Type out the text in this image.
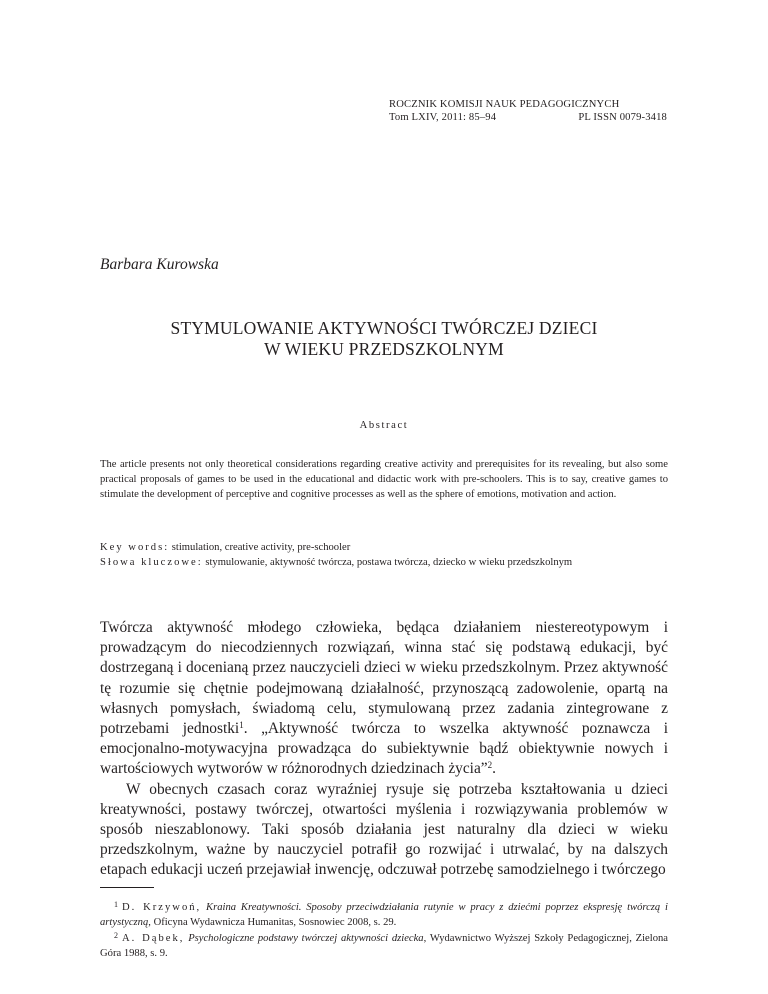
ROCZNIK KOMISJI NAUK PEDAGOGICZNYCH
Tom LXIV, 2011: 85–94	PL ISSN 0079-3418
Barbara Kurowska
STYMULOWANIE AKTYWNOŚCI TWÓRCZEJ DZIECI
W WIEKU PRZEDSZKOLNYM
Abstract

The article presents not only theoretical considerations regarding creative activity and prerequisites for its revealing, but also some practical proposals of games to be used in the educational and didactic work with pre-schoolers. This is to say, creative games to stimulate the development of perceptive and cognitive processes as well as the sphere of emotions, motivation and action.

Key words: stimulation, creative activity, pre-schooler
Słowa kluczowe: stymulowanie, aktywność twórcza, postawa twórcza, dziecko w wieku przedszkolnym

Twórcza aktywność młodego człowieka, będąca działaniem niestereotypowym i prowadzącym do niecodziennych rozwiązań, winna stać się podstawą edukacji, być dostrzeganą i docenianą przez nauczycieli dzieci w wieku przedszkolnym. Przez aktywność tę rozumie się chętnie podejmowaną działalność, przynoszącą zadowolenie, opartą na własnych pomysłach, świadomą celu, stymulowaną przez zadania zintegrowane z potrzebami jednostki$^1$. „Aktywność twórcza to wszelka aktywność poznawcza i emocjonalno-motywacyjna prowadząca do subiektywnie bądź obiektywnie nowych i wartościowych wytworów w różnorodnych dziedzinach życia”$^2$.

W obecnych czasach coraz wyraźniej rysuje się potrzeba kształtowania u dzieci kreatywności, postawy twórczej, otwartości myślenia i rozwiązywania problemów w sposób nieszablonowy. Taki sposób działania jest naturalny dla dzieci w wieku przedszkolnym, ważne by nauczyciel potrafił go rozwijać i utrwalać, by na dalszych etapach edukacji uczeń przejawiał inwencję, odczuwał potrzebę samodzielnego i twórczego

$^1$ D. Krzywoń, Kraina Kreatywności. Sposoby przeciwdziałania rutynie w pracy z dziećmi poprzez ekspresję twórczą i artystyczną, Oficyna Wydawnicza Humanitas, Sosnowiec 2008, s. 29.

$^2$ A. Dąbek, Psychologiczne podstawy twórczej aktywności dziecka, Wydawnictwo Wyższej Szkoły Pedagogicznej, Zielona Góra 1988, s. 9.
